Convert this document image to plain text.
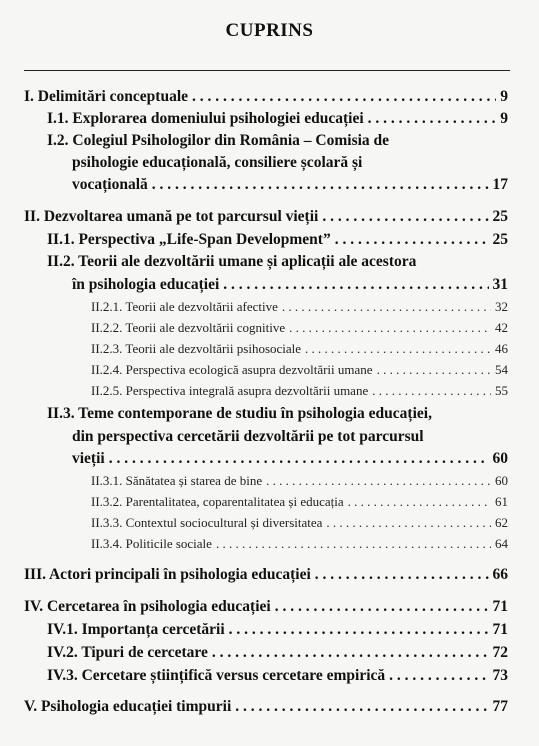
CUPRINS
I. Delimitări conceptuale . . .	9
I.1. Explorarea domeniului psihologiei educației . . .	9
I.2. Colegiul Psihologilor din România – Comisia de
psihologie educațională, consiliere școlară și
vocațională . . .	17
II. Dezvoltarea umană pe tot parcursul vieții . . .	25
II.1. Perspectiva „Life-Span Development” . . .	25
II.2. Teorii ale dezvoltării umane și aplicații ale acestora
în psihologia educației . . .	31
II.2.1. Teorii ale dezvoltării afective . . .	32
II.2.2. Teorii ale dezvoltării cognitive . . .	42
II.2.3. Teorii ale dezvoltării psihosociale . . .	46
II.2.4. Perspectiva ecologică asupra dezvoltării umane . . .	54
II.2.5. Perspectiva integrală asupra dezvoltării umane . . .	55
II.3. Teme contemporane de studiu în psihologia educației,
din perspectiva cercetării dezvoltării pe tot parcursul
vieții . . .	60
II.3.1. Sănătatea și starea de bine . . .	60
II.3.2. Parentalitatea, coparentalitatea și educația . . .	61
II.3.3. Contextul sociocultural și diversitatea . . .	62
II.3.4. Politicile sociale . . .	64
III. Actori principali în psihologia educației . . .	66
IV. Cercetarea în psihologia educației . . .	71
IV.1. Importanța cercetării . . .	71
IV.2. Tipuri de cercetare . . .	72
IV.3. Cercetare științifică versus cercetare empirică . . .	73
V. Psihologia educației timpurii . . .	77
